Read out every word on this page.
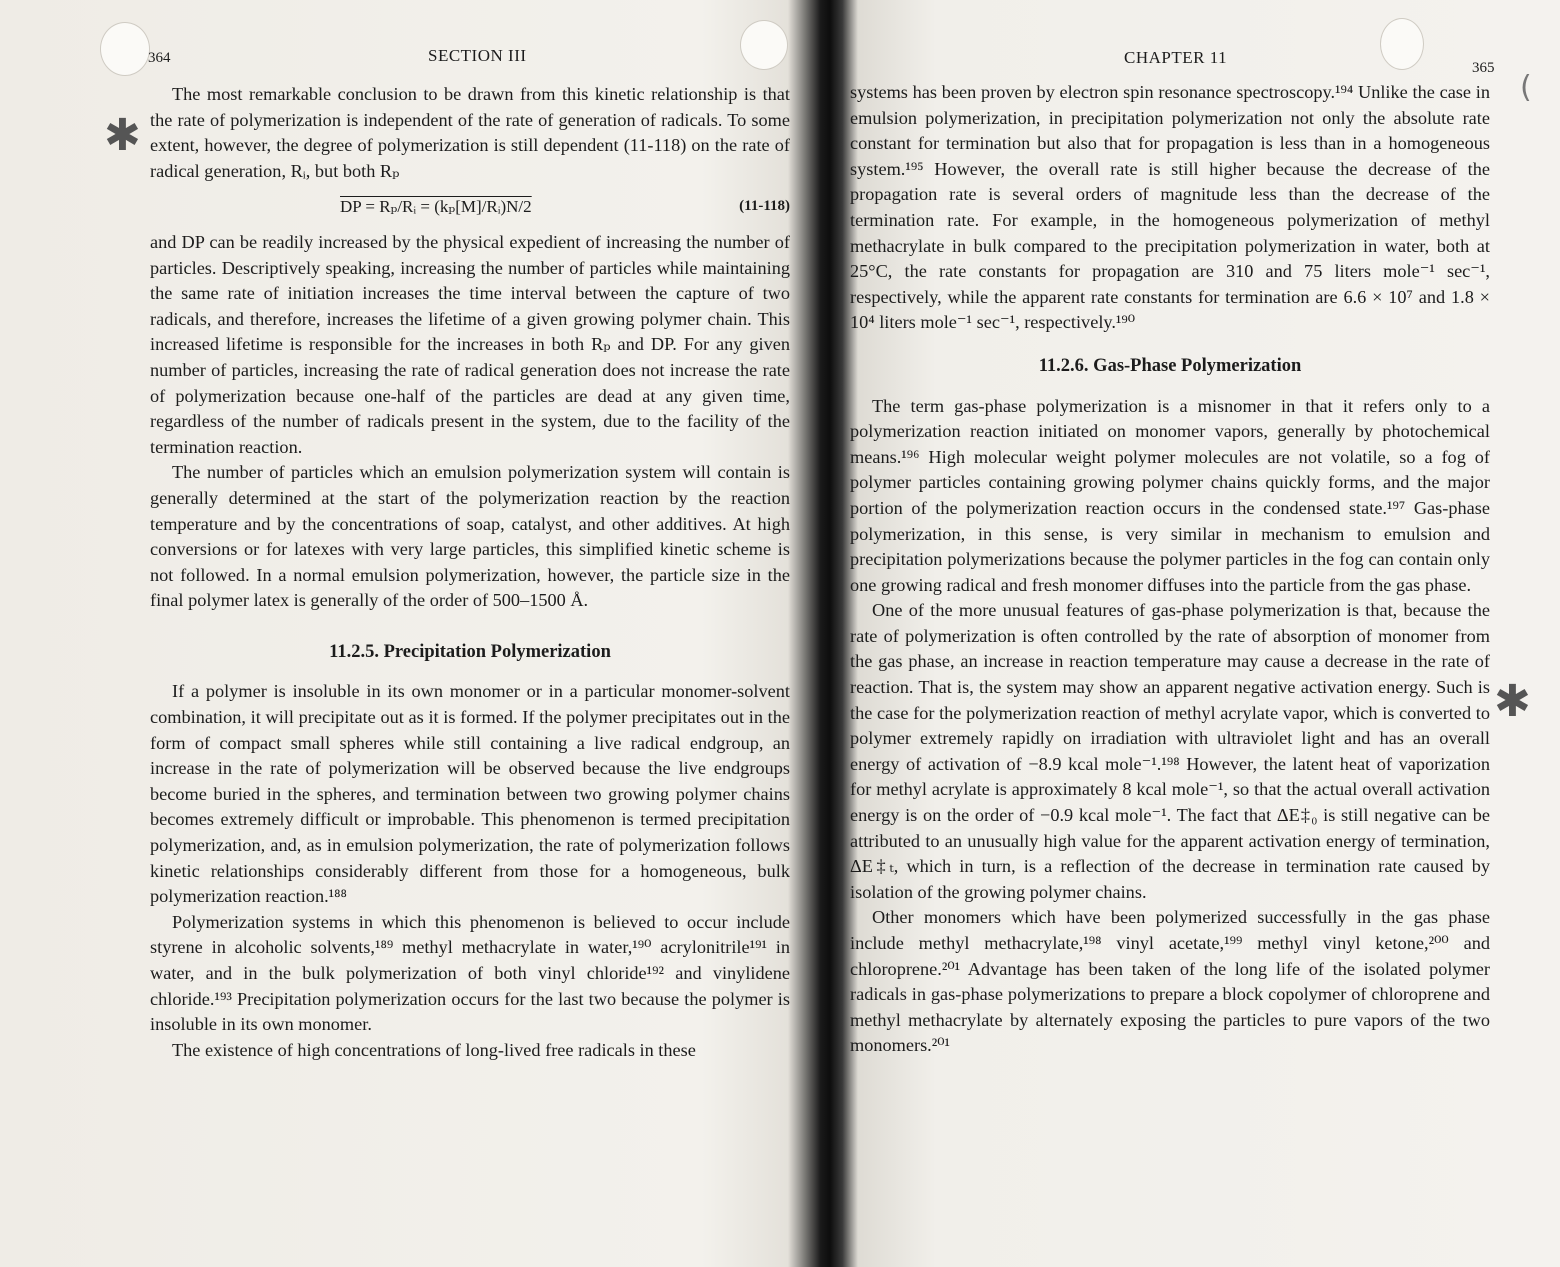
✱
✱
(
364	SECTION III

The most remarkable conclusion to be drawn from this kinetic relationship is that the rate of polymerization is independent of the rate of generation of radicals. To some extent, however, the degree of polymerization is still dependent (11-118) on the rate of radical generation, Rᵢ, but both Rₚ

DP = Rₚ/Rᵢ = (kₚ[M]/Rᵢ)N/2	(11-118)

and DP can be readily increased by the physical expedient of increasing the number of particles. Descriptively speaking, increasing the number of particles while maintaining the same rate of initiation increases the time interval between the capture of two radicals, and therefore, increases the lifetime of a given growing polymer chain. This increased lifetime is responsible for the increases in both Rₚ and DP. For any given number of particles, increasing the rate of radical generation does not increase the rate of polymerization because one-half of the particles are dead at any given time, regardless of the number of radicals present in the system, due to the facility of the termination reaction.

The number of particles which an emulsion polymerization system will contain is generally determined at the start of the polymerization reaction by the reaction temperature and by the concentrations of soap, catalyst, and other additives. At high conversions or for latexes with very large particles, this simplified kinetic scheme is not followed. In a normal emulsion polymerization, however, the particle size in the final polymer latex is generally of the order of 500–1500 Å.

11.2.5. Precipitation Polymerization

If a polymer is insoluble in its own monomer or in a particular monomer-solvent combination, it will precipitate out as it is formed. If the polymer precipitates out in the form of compact small spheres while still containing a live radical endgroup, an increase in the rate of polymerization will be observed because the live endgroups become buried in the spheres, and termination between two growing polymer chains becomes extremely difficult or improbable. This phenomenon is termed precipitation polymerization, and, as in emulsion polymerization, the rate of polymerization follows kinetic relationships considerably different from those for a homogeneous, bulk polymerization reaction.¹⁸⁸

Polymerization systems in which this phenomenon is believed to occur include styrene in alcoholic solvents,¹⁸⁹ methyl methacrylate in water,¹⁹⁰ acrylonitrile¹⁹¹ in water, and in the bulk polymerization of both vinyl chloride¹⁹² and vinylidene chloride.¹⁹³ Precipitation polymerization occurs for the last two because the polymer is insoluble in its own monomer.

The existence of high concentrations of long-lived free radicals in these

CHAPTER 11
365

systems has been proven by electron spin resonance spectroscopy.¹⁹⁴ Unlike the case in emulsion polymerization, in precipitation polymerization not only the absolute rate constant for termination but also that for propagation is less than in a homogeneous system.¹⁹⁵ However, the overall rate is still higher because the decrease of the propagation rate is several orders of magnitude less than the decrease of the termination rate. For example, in the homogeneous polymerization of methyl methacrylate in bulk compared to the precipitation polymerization in water, both at 25°C, the rate constants for propagation are 310 and 75 liters mole⁻¹ sec⁻¹, respectively, while the apparent rate constants for termination are 6.6 × 10⁷ and 1.8 × 10⁴ liters mole⁻¹ sec⁻¹, respectively.¹⁹⁰

11.2.6. Gas-Phase Polymerization

The term gas-phase polymerization is a misnomer in that it refers only to a polymerization reaction initiated on monomer vapors, generally by photochemical means.¹⁹⁶ High molecular weight polymer molecules are not volatile, so a fog of polymer particles containing growing polymer chains quickly forms, and the major portion of the polymerization reaction occurs in the condensed state.¹⁹⁷ Gas-phase polymerization, in this sense, is very similar in mechanism to emulsion and precipitation polymerizations because the polymer particles in the fog can contain only one growing radical and fresh monomer diffuses into the particle from the gas phase.

One of the more unusual features of gas-phase polymerization is that, because the rate of polymerization is often controlled by the rate of absorption of monomer from the gas phase, an increase in reaction temperature may cause a decrease in the rate of reaction. That is, the system may show an apparent negative activation energy. Such is the case for the polymerization reaction of methyl acrylate vapor, which is converted to polymer extremely rapidly on irradiation with ultraviolet light and has an overall energy of activation of −8.9 kcal mole⁻¹.¹⁹⁸ However, the latent heat of vaporization for methyl acrylate is approximately 8 kcal mole⁻¹, so that the actual overall activation energy is on the order of −0.9 kcal mole⁻¹. The fact that ΔE‡₀ is still negative can be attributed to an unusually high value for the apparent activation energy of termination, ΔE‡ₜ, which in turn, is a reflection of the decrease in termination rate caused by isolation of the growing polymer chains.

Other monomers which have been polymerized successfully in the gas phase include methyl methacrylate,¹⁹⁸ vinyl acetate,¹⁹⁹ methyl vinyl ketone,²⁰⁰ and chloroprene.²⁰¹ Advantage has been taken of the long life of the isolated polymer radicals in gas-phase polymerizations to prepare a block copolymer of chloroprene and methyl methacrylate by alternately exposing the particles to pure vapors of the two monomers.²⁰¹
